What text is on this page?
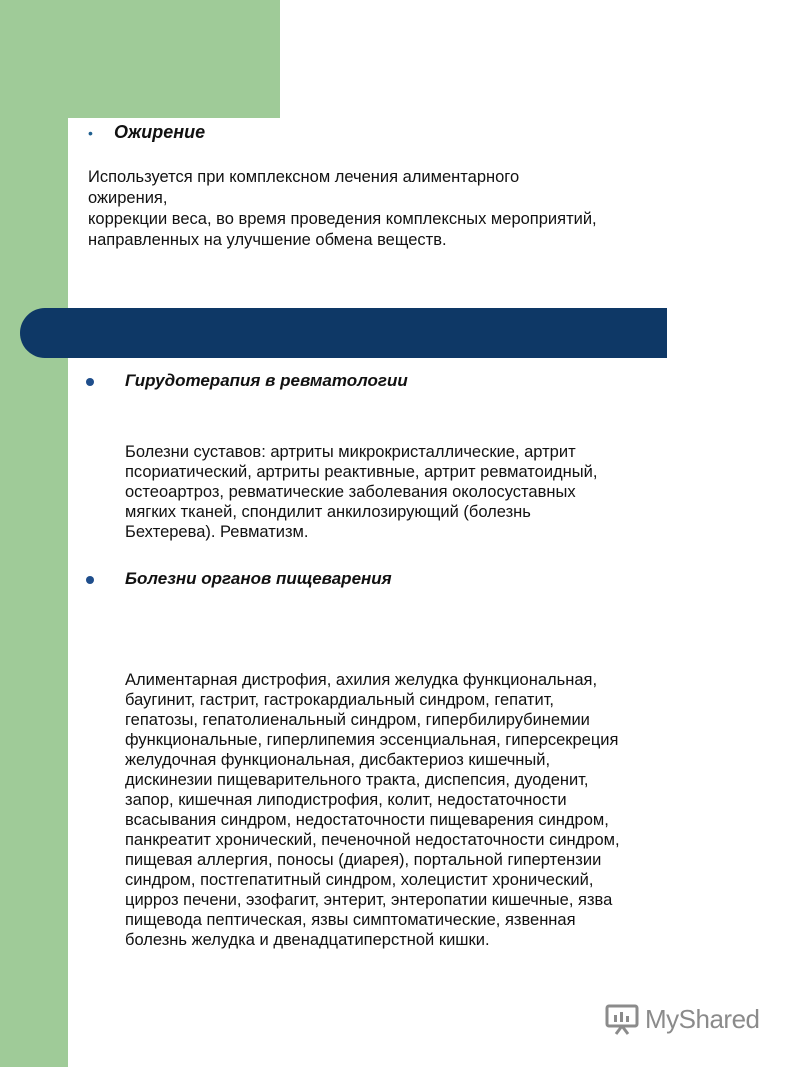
•	Ожирение
Используется при комплексном лечения алиментарного
ожирения,
коррекции веса, во время проведения комплексных мероприятий,
направленных на улучшение обмена веществ.
Гирудотерапия в ревматологии
Болезни суставов: артриты микрокристаллические, артрит
псориатический, артриты реактивные, артрит ревматоидный,
остеоартроз, ревматические заболевания околосуставных
мягких тканей, спондилит анкилозирующий (болезнь
Бехтерева). Ревматизм.
Болезни органов пищеварения
Алиментарная дистрофия, ахилия желудка функциональная,
баугинит, гастрит, гастрокардиальный синдром, гепатит,
гепатозы, гепатолиенальный синдром, гипербилирубинемии
функциональные, гиперлипемия эссенциальная, гиперсекреция
желудочная функциональная, дисбактериоз кишечный,
дискинезии пищеварительного тракта, диспепсия, дуоденит,
запор, кишечная липодистрофия, колит, недостаточности
всасывания синдром, недостаточности пищеварения синдром,
панкреатит хронический, печеночной недостаточности синдром,
пищевая аллергия, поносы (диарея), портальной гипертензии
синдром, постгепатитный синдром, холецистит хронический,
цирроз печени, эзофагит, энтерит, энтеропатии кишечные, язва
пищевода пептическая, язвы симптоматические, язвенная
болезнь желудка и двенадцатиперстной кишки.
MyShared
